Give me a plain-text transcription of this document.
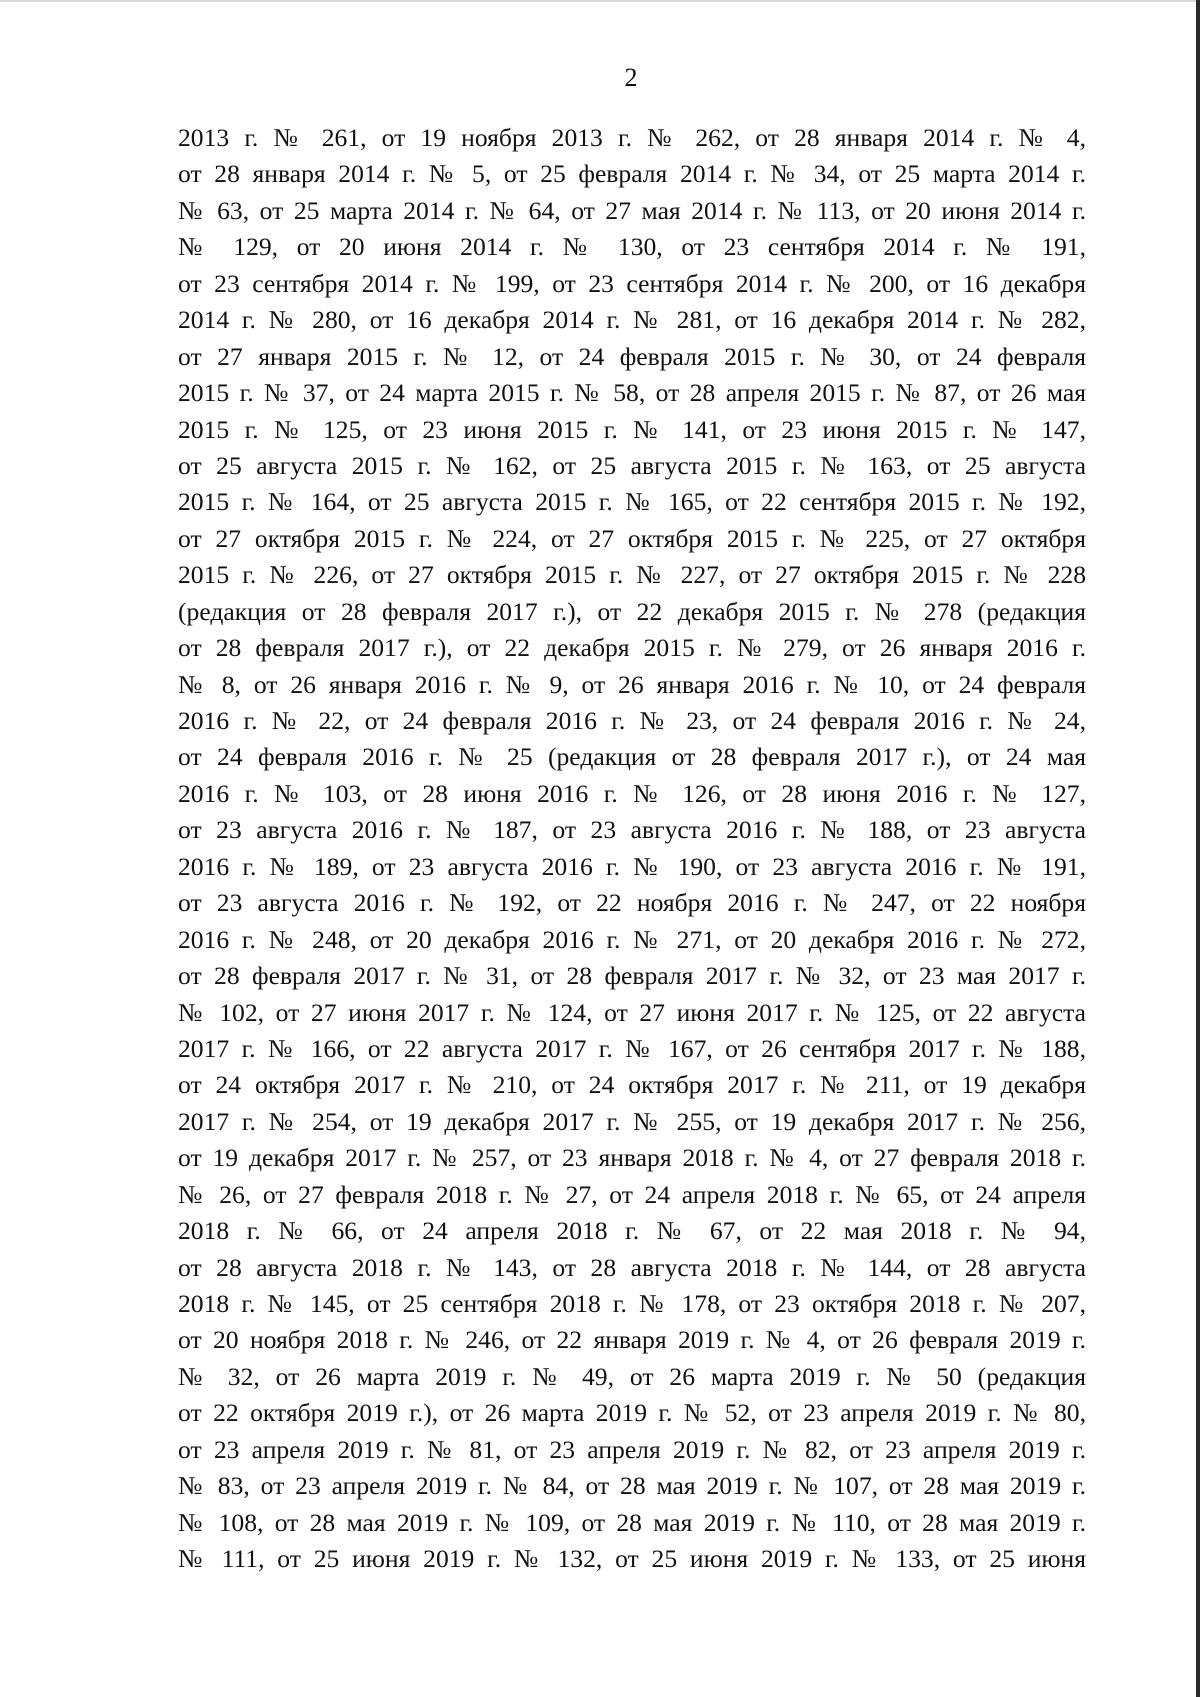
2
2013 г. № 261, от 19 ноября 2013 г. № 262, от 28 января 2014 г. № 4,
от 28 января 2014 г. № 5, от 25 февраля 2014 г. № 34, от 25 марта 2014 г.
№ 63, от 25 марта 2014 г. № 64, от 27 мая 2014 г. № 113, от 20 июня 2014 г.
№ 129, от 20 июня 2014 г. № 130, от 23 сентября 2014 г. № 191,
от 23 сентября 2014 г. № 199, от 23 сентября 2014 г. № 200, от 16 декабря
2014 г. № 280, от 16 декабря 2014 г. № 281, от 16 декабря 2014 г. № 282,
от 27 января 2015 г. № 12, от 24 февраля 2015 г. № 30, от 24 февраля
2015 г. № 37, от 24 марта 2015 г. № 58, от 28 апреля 2015 г. № 87, от 26 мая
2015 г. № 125, от 23 июня 2015 г. № 141, от 23 июня 2015 г. № 147,
от 25 августа 2015 г. № 162, от 25 августа 2015 г. № 163, от 25 августа
2015 г. № 164, от 25 августа 2015 г. № 165, от 22 сентября 2015 г. № 192,
от 27 октября 2015 г. № 224, от 27 октября 2015 г. № 225, от 27 октября
2015 г. № 226, от 27 октября 2015 г. № 227, от 27 октября 2015 г. № 228
(редакция от 28 февраля 2017 г.), от 22 декабря 2015 г. № 278 (редакция
от 28 февраля 2017 г.), от 22 декабря 2015 г. № 279, от 26 января 2016 г.
№ 8, от 26 января 2016 г. № 9, от 26 января 2016 г. № 10, от 24 февраля
2016 г. № 22, от 24 февраля 2016 г. № 23, от 24 февраля 2016 г. № 24,
от 24 февраля 2016 г. № 25 (редакция от 28 февраля 2017 г.), от 24 мая
2016 г. № 103, от 28 июня 2016 г. № 126, от 28 июня 2016 г. № 127,
от 23 августа 2016 г. № 187, от 23 августа 2016 г. № 188, от 23 августа
2016 г. № 189, от 23 августа 2016 г. № 190, от 23 августа 2016 г. № 191,
от 23 августа 2016 г. № 192, от 22 ноября 2016 г. № 247, от 22 ноября
2016 г. № 248, от 20 декабря 2016 г. № 271, от 20 декабря 2016 г. № 272,
от 28 февраля 2017 г. № 31, от 28 февраля 2017 г. № 32, от 23 мая 2017 г.
№ 102, от 27 июня 2017 г. № 124, от 27 июня 2017 г. № 125, от 22 августа
2017 г. № 166, от 22 августа 2017 г. № 167, от 26 сентября 2017 г. № 188,
от 24 октября 2017 г. № 210, от 24 октября 2017 г. № 211, от 19 декабря
2017 г. № 254, от 19 декабря 2017 г. № 255, от 19 декабря 2017 г. № 256,
от 19 декабря 2017 г. № 257, от 23 января 2018 г. № 4, от 27 февраля 2018 г.
№ 26, от 27 февраля 2018 г. № 27, от 24 апреля 2018 г. № 65, от 24 апреля
2018 г. № 66, от 24 апреля 2018 г. № 67, от 22 мая 2018 г. № 94,
от 28 августа 2018 г. № 143, от 28 августа 2018 г. № 144, от 28 августа
2018 г. № 145, от 25 сентября 2018 г. № 178, от 23 октября 2018 г. № 207,
от 20 ноября 2018 г. № 246, от 22 января 2019 г. № 4, от 26 февраля 2019 г.
№ 32, от 26 марта 2019 г. № 49, от 26 марта 2019 г. № 50 (редакция
от 22 октября 2019 г.), от 26 марта 2019 г. № 52, от 23 апреля 2019 г. № 80,
от 23 апреля 2019 г. № 81, от 23 апреля 2019 г. № 82, от 23 апреля 2019 г.
№ 83, от 23 апреля 2019 г. № 84, от 28 мая 2019 г. № 107, от 28 мая 2019 г.
№ 108, от 28 мая 2019 г. № 109, от 28 мая 2019 г. № 110, от 28 мая 2019 г.
№ 111, от 25 июня 2019 г. № 132, от 25 июня 2019 г. № 133, от 25 июня
